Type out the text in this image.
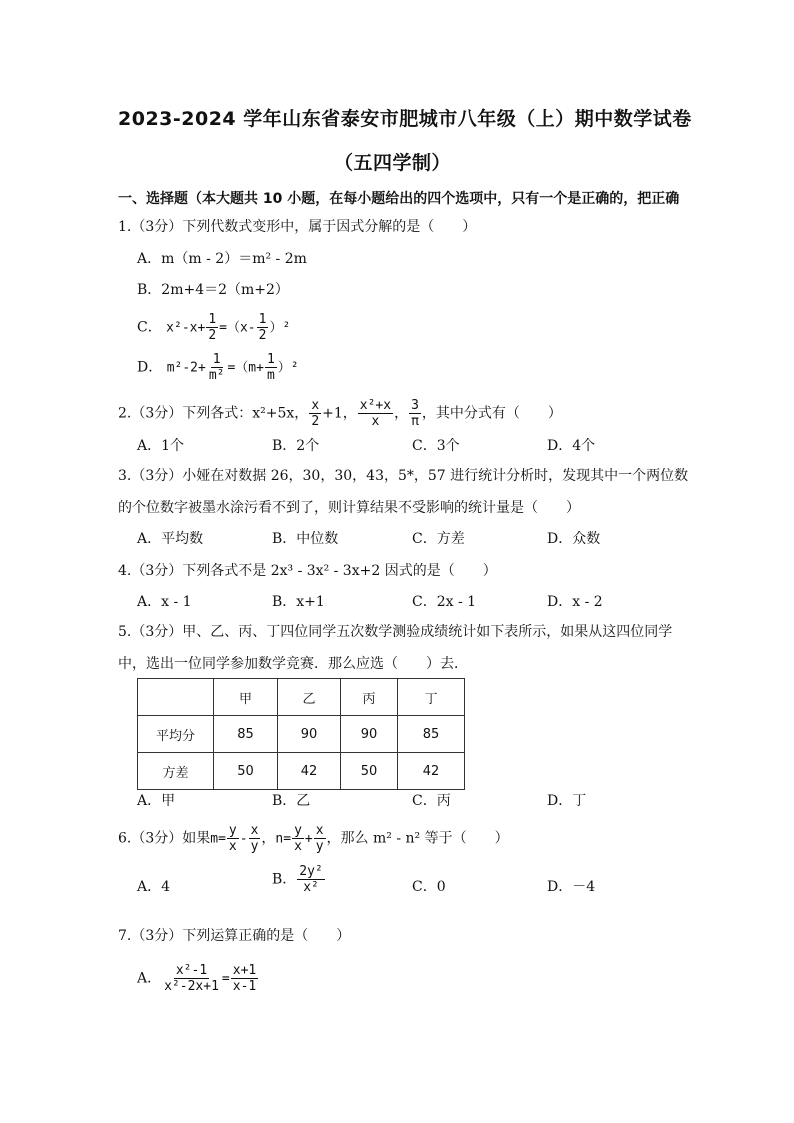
2023-2024 学年山东省泰安市肥城市八年级（上）期中数学试卷
（五四学制）
一、选择题（本大题共 10 小题，在每小题给出的四个选项中，只有一个是正确的，把正确
1.（3分）下列代数式变形中，属于因式分解的是（　　）
A．m（m - 2）＝m² - 2m
B．2m+4＝2（m+2）
C． $x^2-x+ \frac{1}{2} =(x- \frac{1}{2} )^2$
D． $m^2-2+ \frac{1}{\text{m²}} =(m+ \frac{1}{m} )^2$
2.（3分）下列各式：x²+5x， $\frac{x}{2} +1$， $\frac{\text{x²+x}}{x}$ ， $\frac{3}{\pi}$ ，其中分式有（　　）
A．1个	B．2个	C．3个	D．4个
3.（3分）小娅在对数据 26，30，30，43，5*，57 进行统计分析时，发现其中一个两位数
的个位数字被墨水涂污看不到了，则计算结果不受影响的统计量是（　　）
A．平均数	B．中位数	C．方差	D．众数
4.（3分）下列各式不是 2x³ - 3x² - 3x+2 因式的是（　　）
A．x - 1	B．x+1	C．2x - 1	D．x - 2
5.（3分）甲、乙、丙、丁四位同学五次数学测验成绩统计如下表所示，如果从这四位同学
中，选出一位同学参加数学竞赛．那么应选（　　）去．
	甲	乙	丙	丁
平均分	85	90	90	85
方差	50	42	50	42
A．甲	B．乙	C．丙	D．丁
6.（3分）如果$m= \frac{y}{x} - \frac{x}{y}$ ，$n= \frac{y}{x} + \frac{x}{y}$ ，那么 m² - n² 等于（　　）
A．4	B． $\frac{\text{2y²}}{\text{x²}}$	C．0	D．－4
7.（3分）下列运算正确的是（　　）
A． $\frac{\text{x²-1}}{\text{x²-2x+1}} = \frac{x+1}{x-1}$
